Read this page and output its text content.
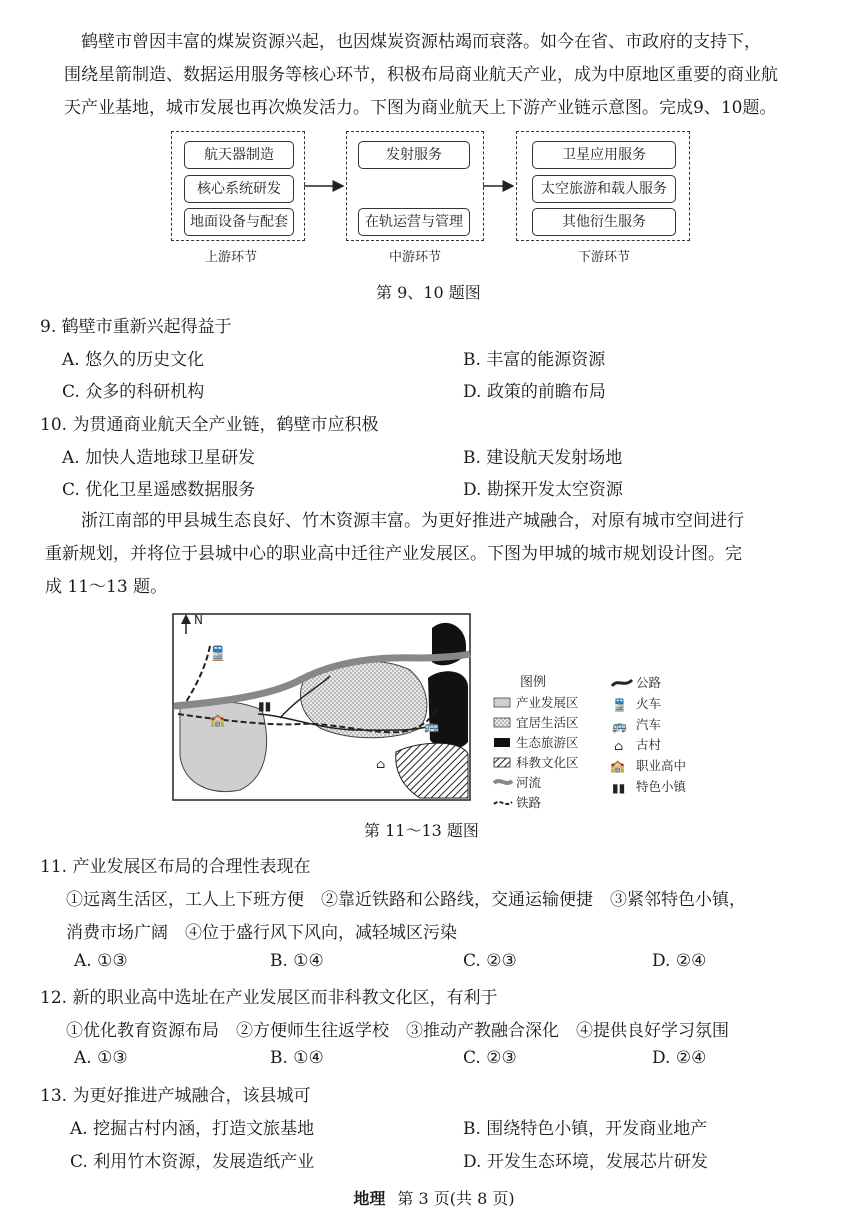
鹤壁市曾因丰富的煤炭资源兴起，也因煤炭资源枯竭而衰落。如今在省、市政府的支持下，
围绕星箭制造、数据运用服务等核心环节，积极布局商业航天产业，成为中原地区重要的商业航
天产业基地，城市发展也再次焕发活力。下图为商业航天上下游产业链示意图。完成9、10题。
航天器制造
核心系统研发
地面设备与配套
上游环节
发射服务
在轨运营与管理
中游环节
卫星应用服务
太空旅游和载人服务
其他衍生服务
下游环节
第 9、10 题图
9. 鹤壁市重新兴起得益于
A. 悠久的历史文化	B. 丰富的能源资源
C. 众多的科研机构	D. 政策的前瞻布局
10. 为贯通商业航天全产业链，鹤壁市应积极
A. 加快人造地球卫星研发	B. 建设航天发射场地
C. 优化卫星遥感数据服务	D. 勘探开发太空资源
浙江南部的甲县城生态良好、竹木资源丰富。为更好推进产城融合，对原有城市空间进行
重新规划，并将位于县城中心的职业高中迁往产业发展区。下图为甲城的城市规划设计图。完
成 11～13 题。
N
🚆
🏫
▮▮
🚌
⌂
图例
产业发展区
宜居生活区
生态旅游区
科教文化区
河流
铁路
🚆
🚌
⌂
🏫
▮▮
公路
火车
汽车
古村
职业高中
特色小镇
第 11～13 题图
11. 产业发展区布局的合理性表现在
①远离生活区，工人上下班方便　②靠近铁路和公路线，交通运输便捷　③紧邻特色小镇，
消费市场广阔　④位于盛行风下风向，减轻城区污染
A. ①③	B. ①④	C. ②③	D. ②④
12. 新的职业高中选址在产业发展区而非科教文化区，有利于
①优化教育资源布局　②方便师生往返学校　③推动产教融合深化　④提供良好学习氛围
A. ①③	B. ①④	C. ②③	D. ②④
13. 为更好推进产城融合，该县城可
A. 挖掘古村内涵，打造文旅基地	B. 围绕特色小镇，开发商业地产
C. 利用竹木资源，发展造纸产业	D. 开发生态环境，发展芯片研发
地理 第 3 页(共 8 页)
